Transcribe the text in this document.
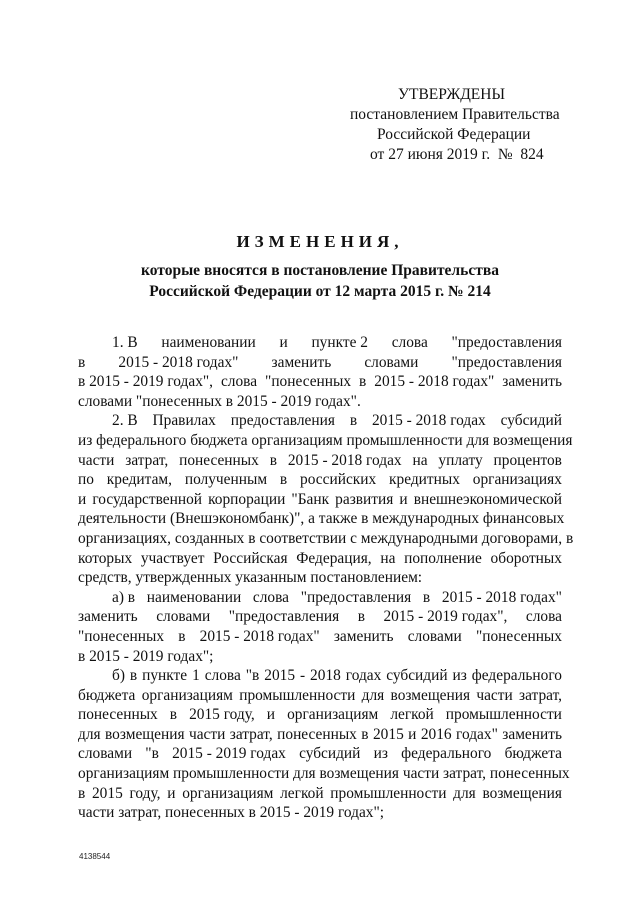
УТВЕРЖДЕНЫ
постановлением Правительства
Российской Федерации
от 27 июня 2019 г.  №  824
ИЗМЕНЕНИЯ,
которые вносятся в постановление Правительства
Российской Федерации от 12 марта 2015 г. № 214
1. В наименовании и пункте 2 слова "предоставления
в 2015 - 2018 годах" заменить словами "предоставления
в 2015 - 2019 годах", слова "понесенных в 2015 - 2018 годах" заменить
словами "понесенных в 2015 - 2019 годах".
2. В Правилах предоставления в 2015 - 2018 годах субсидий
из федерального бюджета организациям промышленности для возмещения
части затрат, понесенных в 2015 - 2018 годах на уплату процентов
по кредитам, полученным в российских кредитных организациях
и государственной корпорации "Банк развития и внешнеэкономической
деятельности (Внешэкономбанк)", а также в международных финансовых
организациях, созданных в соответствии с международными договорами, в
которых участвует Российская Федерация, на пополнение оборотных
средств, утвержденных указанным постановлением:
а) в наименовании слова "предоставления в 2015 - 2018 годах"
заменить словами "предоставления в 2015 - 2019 годах", слова
"понесенных в 2015 - 2018 годах" заменить словами "понесенных
в 2015 - 2019 годах";
б) в пункте 1 слова "в 2015 - 2018 годах субсидий из федерального
бюджета организациям промышленности для возмещения части затрат,
понесенных в 2015 году, и организациям легкой промышленности
для возмещения части затрат, понесенных в 2015 и 2016 годах" заменить
словами "в 2015 - 2019 годах субсидий из федерального бюджета
организациям промышленности для возмещения части затрат, понесенных
в 2015 году, и организациям легкой промышленности для возмещения
части затрат, понесенных в 2015 - 2019 годах";
4138544
